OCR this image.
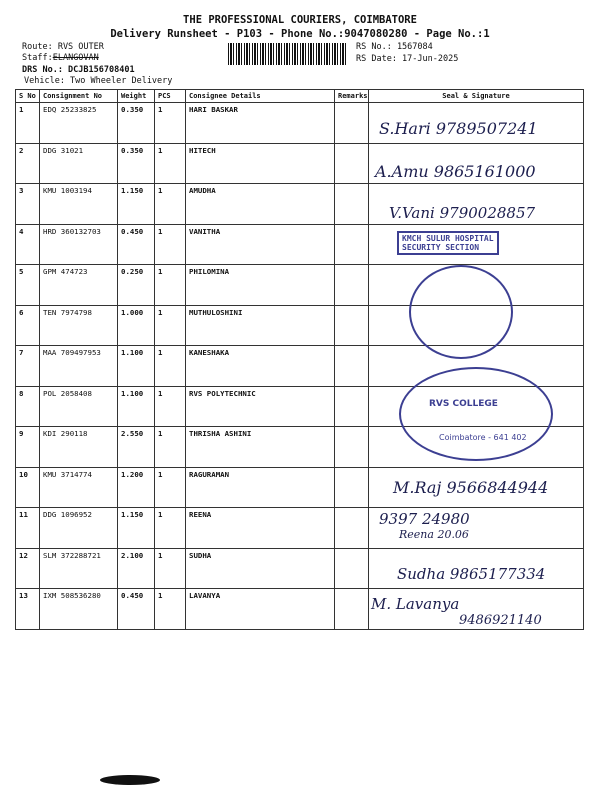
THE PROFESSIONAL COURIERS, COIMBATORE
Delivery Runsheet - P103 - Phone No.:9047080280 - Page No.:1
Route: RVS OUTER
Staff:ELANGOVAN
DRS No.: DCJB156708401
Vehicle: Two Wheeler Delivery
RS No.: 1567084
RS Date: 17-Jun-2025
S No	Consignment No	Weight	PCS	Consignee Details	Remarks	Seal & Signature
1	EDQ 25233825	0.350	1	HARI BASKAR		S.Hari 9789507241

2	DDG 31021	0.350	1	HITECH		A.Amu 9865161000

3	KMU 1003194	1.150	1	AMUDHA		V.Vani 9790028857

4	HRD 360132703	0.450	1	VANITHA		KMCH SULUR HOSPITAL
SECURITY SECTION

5	GPM 474723	0.250	1	PHILOMINA		

6	TEN 7974798	1.000	1	MUTHULOSHINI		
7	MAA 709497953	1.100	1	KANESHAKA		
8	POL 2058408	1.100	1	RVS POLYTECHNIC		RVS COLLEGE
Coimbatore - 641 402

9	KDI 290118	2.550	1	THRISHA ASHINI		
10	KMU 3714774	1.200	1	RAGURAMAN		M.Raj 9566844944

11	DDG 1096952	1.150	1	REENA		9397 24980
Reena 20.06

12	SLM 372288721	2.100	1	SUDHA		Sudha 9865177334

13	IXM 508536280	0.450	1	LAVANYA		M. Lavanya
9486921140
